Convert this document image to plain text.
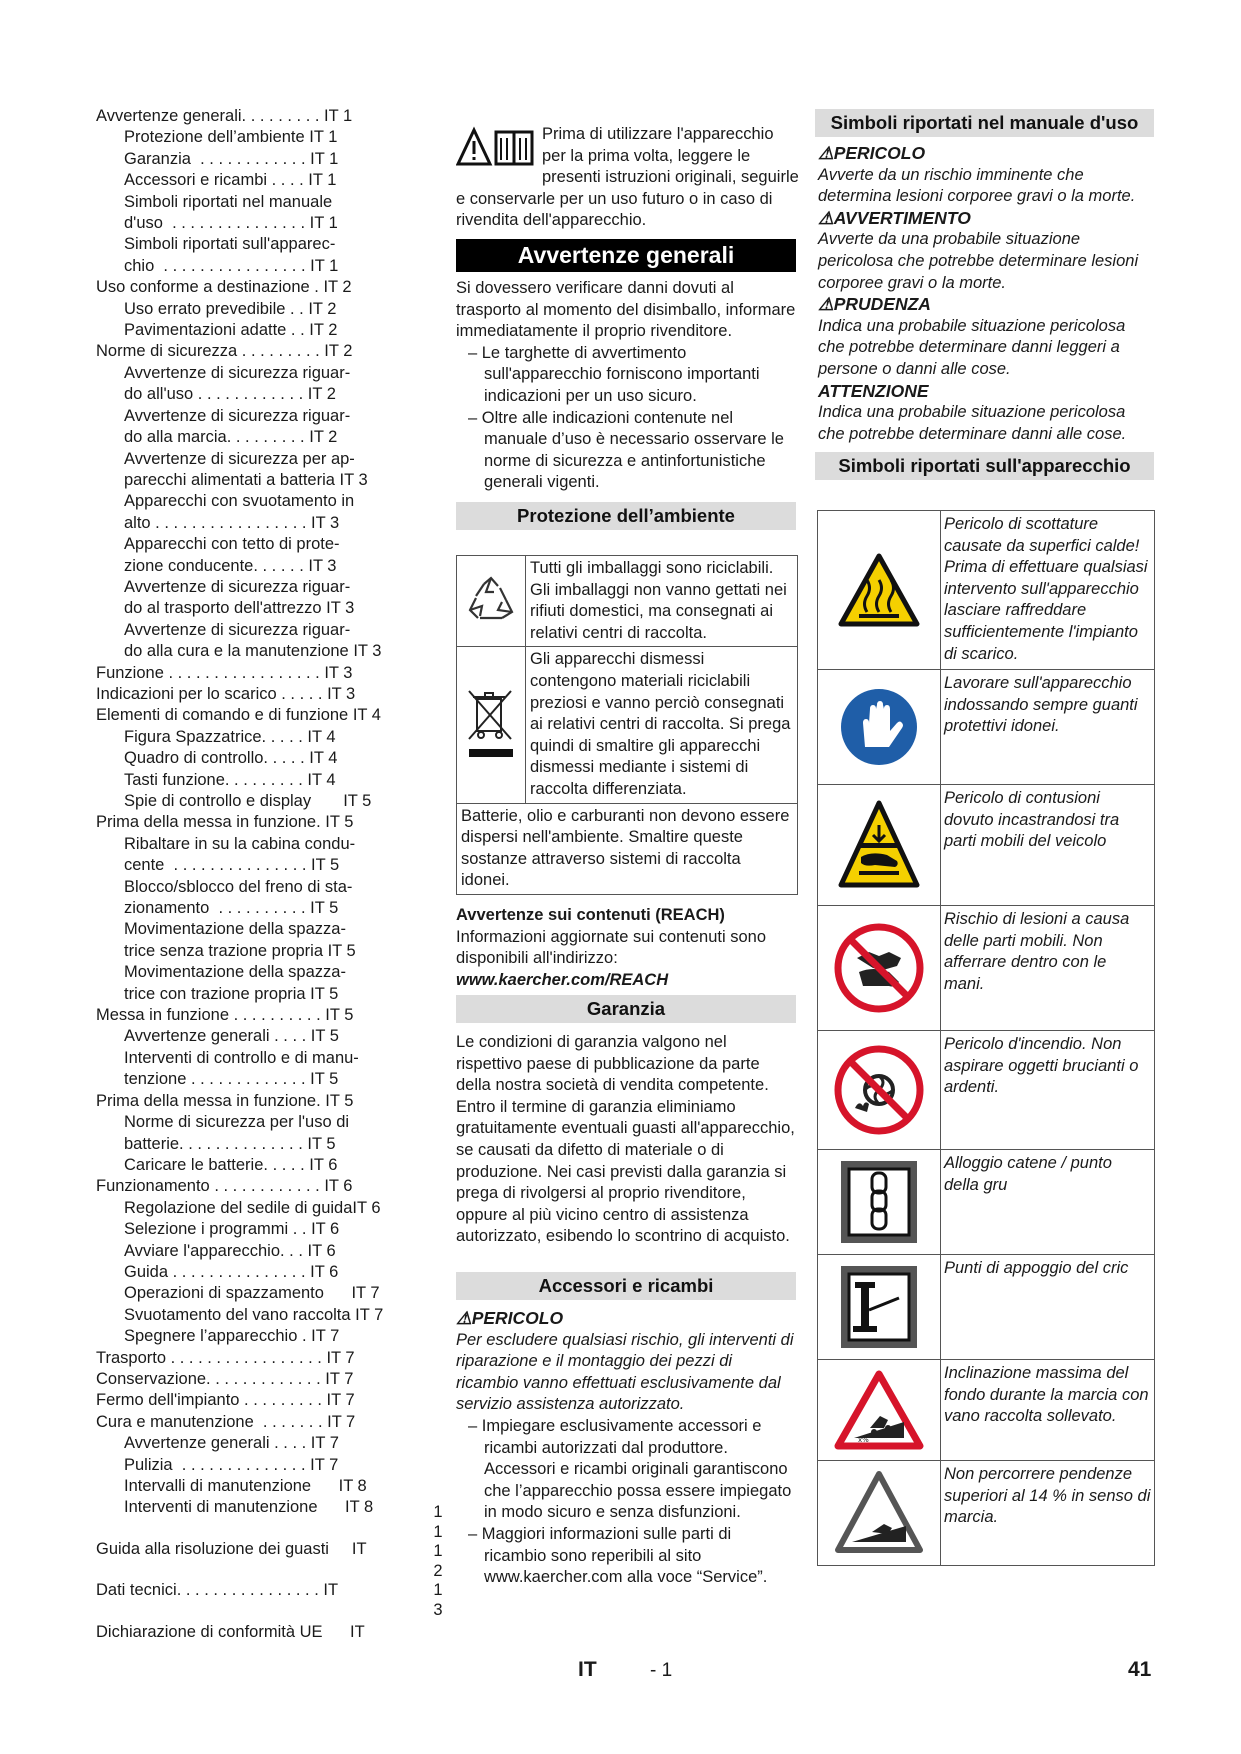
Avvertenze generali. . . . . . . . . IT 1
Protezione dell’ambiente IT 1
Garanzia  . . . . . . . . . . . . IT 1
Accessori e ricambi . . . . IT 1
Simboli riportati nel manuale
d'uso  . . . . . . . . . . . . . . . IT 1
Simboli riportati sull'apparec-
chio  . . . . . . . . . . . . . . . . IT 1
Uso conforme a destinazione . IT 2
Uso errato prevedibile . . IT 2
Pavimentazioni adatte . . IT 2
Norme di sicurezza . . . . . . . . . IT 2
Avvertenze di sicurezza riguar-
do all'uso . . . . . . . . . . . . IT 2
Avvertenze di sicurezza riguar-
do alla marcia. . . . . . . . . IT 2
Avvertenze di sicurezza per ap-
parecchi alimentati a batteria IT 3
Apparecchi con svuotamento in
alto . . . . . . . . . . . . . . . . . IT 3
Apparecchi con tetto di prote-
zione conducente. . . . . . IT 3
Avvertenze di sicurezza riguar-
do al trasporto dell'attrezzo IT 3
Avvertenze di sicurezza riguar-
do alla cura e la manutenzione IT 3
Funzione . . . . . . . . . . . . . . . . . IT 3
Indicazioni per lo scarico . . . . . IT 3
Elementi di comando e di funzione IT 4
Figura Spazzatrice. . . . . IT 4
Quadro di controllo. . . . . IT 4
Tasti funzione. . . . . . . . . IT 4
Spie di controllo e display       IT 5
Prima della messa in funzione. IT 5
Ribaltare in su la cabina condu-
cente  . . . . . . . . . . . . . . . IT 5
Blocco/sblocco del freno di sta-
zionamento  . . . . . . . . . . IT 5
Movimentazione della spazza-
trice senza trazione propria IT 5
Movimentazione della spazza-
trice con trazione propria IT 5
Messa in funzione . . . . . . . . . . IT 5
Avvertenze generali . . . . IT 5
Interventi di controllo e di manu-
tenzione . . . . . . . . . . . . . IT 5
Prima della messa in funzione. IT 5
Norme di sicurezza per l'uso di
batterie. . . . . . . . . . . . . . IT 5
Caricare le batterie. . . . . IT 6
Funzionamento . . . . . . . . . . . . IT 6
Regolazione del sedile di guidaIT 6
Selezione i programmi . . IT 6
Avviare l'apparecchio. . . IT 6
Guida . . . . . . . . . . . . . . . IT 6
Operazioni di spazzamento      IT 7
Svuotamento del vano raccolta IT 7
Spegnere l’apparecchio . IT 7
Trasporto . . . . . . . . . . . . . . . . . IT 7
Conservazione. . . . . . . . . . . . . IT 7
Fermo dell'impianto . . . . . . . . . IT 7
Cura e manutenzione  . . . . . . . IT 7
Avvertenze generali . . . . IT 7
Pulizia  . . . . . . . . . . . . . . IT 7
Intervalli di manutenzione      IT 8
Interventi di manutenzione      IT 8
Guida alla risoluzione dei guasti     IT
Dati tecnici. . . . . . . . . . . . . . . . IT
Dichiarazione di conformità UE      IT
1
1
1
2
1
3
Prima di utilizzare l'apparecchio per la prima volta, leggere le presenti istruzioni originali, seguirle e conservarle per un uso futuro o in caso di rivendita dell'apparecchio.
Avvertenze generali
Si dovessero verificare danni dovuti al trasporto al momento del disimballo, informare immediatamente il proprio rivenditore.
– Le targhette di avvertimento sull'apparecchio forniscono importanti indicazioni per un uso sicuro.
– Oltre alle indicazioni contenute nel manuale d’uso è necessario osservare le norme di sicurezza e antinfortunistiche generali vigenti.
Protezione dell’ambiente
Tutti gli imballaggi sono riciclabili. Gli imballaggi non vanno gettati nei rifiuti domestici, ma consegnati ai relativi centri di raccolta.
Gli apparecchi dismessi contengono materiali riciclabili preziosi e vanno perciò consegnati ai relativi centri di raccolta. Si prega quindi di smaltire gli apparecchi dismessi mediante i sistemi di raccolta differenziata.
Batterie, olio e carburanti non devono essere dispersi nell'ambiente. Smaltire queste sostanze attraverso sistemi di raccolta idonei.
Avvertenze sui contenuti (REACH)
Informazioni aggiornate sui contenuti sono disponibili all'indirizzo:
www.kaercher.com/REACH
Garanzia
Le condizioni di garanzia valgono nel rispettivo paese di pubblicazione da parte della nostra società di vendita competente. Entro il termine di garanzia eliminiamo gratuitamente eventuali guasti all'apparecchio, se causati da difetto di materiale o di produzione. Nei casi previsti dalla garanzia si prega di rivolgersi al proprio rivenditore, oppure al più vicino centro di assistenza autorizzato, esibendo lo scontrino di acquisto.
Accessori e ricambi
⚠PERICOLO
Per escludere qualsiasi rischio, gli interventi di riparazione e il montaggio dei pezzi di ricambio vanno effettuati esclusivamente dal servizio assistenza autorizzato.
– Impiegare esclusivamente accessori e ricambi autorizzati dal produttore. Accessori e ricambi originali garantiscono che l’apparecchio possa essere impiegato in modo sicuro e senza disfunzioni.
– Maggiori informazioni sulle parti di ricambio sono reperibili al sito www.kaercher.com alla voce “Service”.
Simboli riportati nel manuale d'uso
⚠PERICOLO
Avverte da un rischio imminente che determina lesioni corporee gravi o la morte.
⚠AVVERTIMENTO
Avverte da una probabile situazione pericolosa che potrebbe determinare lesioni corporee gravi o la morte.
⚠PRUDENZA
Indica una probabile situazione pericolosa che potrebbe determinare danni leggeri a persone o danni alle cose.
ATTENZIONE
Indica una probabile situazione pericolosa che potrebbe determinare danni alle cose.
Simboli riportati sull'apparecchio
Pericolo di scottature causate da superfici calde! Prima di effettuare qualsiasi intervento sull'apparecchio lasciare raffreddare sufficientemente l'impianto di scarico.
Lavorare sull'apparecchio indossando sempre guanti protettivi idonei.
Pericolo di contusioni dovuto incastrandosi tra parti mobili del veicolo
Rischio di lesioni a causa delle parti mobili. Non afferrare dentro con le mani.
Pericolo d'incendio. Non aspirare oggetti brucianti o ardenti.
Alloggio catene / punto della gru
Punti di appoggio del cric
x%
Inclinazione massima del fondo durante la marcia con vano raccolta sollevato.
14%
Non percorrere pendenze superiori al 14 % in senso di marcia.
IT	- 1	41
